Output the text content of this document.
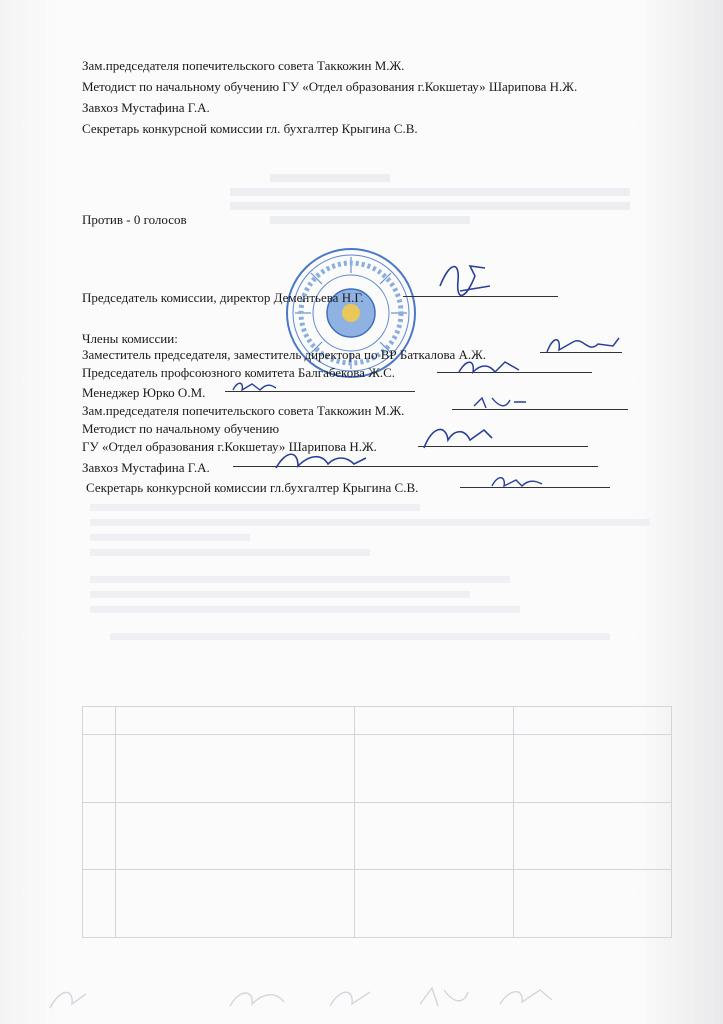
Зам.председателя попечительского совета Таккожин М.Ж.
Методист по начальному обучению ГУ «Отдел образования г.Кокшетау» Шарипова Н.Ж.
Завхоз Мустафина Г.А.
Секретарь конкурсной комиссии гл. бухгалтер Крыгина С.В.
Против - 0 голосов
Председатель комиссии, директор Дементьева Н.Г.
Члены комиссии:
Заместитель председателя, заместитель директора по ВР Баткалова А.Ж.
Председатель профсоюзного комитета Балгабекова Ж.С.
Менеджер Юрко О.М.
Зам.председателя попечительского совета Таккожин М.Ж.
Методист по начальному обучению
ГУ «Отдел образования г.Кокшетау» Шарипова Н.Ж.
Завхоз Мустафина Г.А.
Секретарь конкурсной комиссии гл.бухгалтер Крыгина С.В.
